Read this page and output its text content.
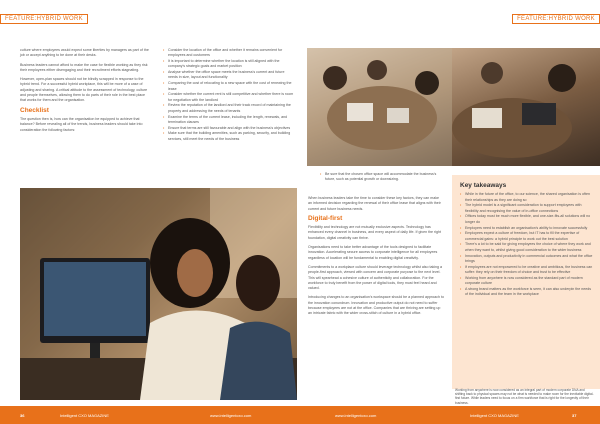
FEATURE:HYBRID WORK	FEATURE:HYBRID WORK

culture where employees would expect some liberties by managers as part of the job or accept anything to be done at their desks.

Business leaders cannot afford to make the case for flexible working as they risk their employees either disengaging and their recruitment efforts stagnating.

However, open-plan spaces should not be blindly scrapped in response to the hybrid trend. For a successful hybrid workplace, this will be more of a case of adjusting and sharing. A critical attitude to the assessment of technology, culture and people themselves, allowing them to do parts of their role in the best place that works for them and the organisation.

Checklist

The question then is, how can the organisation be equipped to achieve that balance? Before revealing all of the trends, business leaders should take into consideration the following factors:

• Consider the location of the office and whether it remains convenient for employees and customers
• It is important to determine whether the location is still aligned with the company's strategic goals and market position
• Analyse whether the office space meets the business's current and future needs in size, layout and functionality
• Comparing the cost of relocating to a new space with the cost of renewing the lease
• Consider whether the current rent is still competitive and whether there is room for negotiation with the landlord
• Review the reputation of the landlord and their track record of maintaining the property and addressing the needs of tenants
• Examine the terms of the current lease, including the length, renewals, and termination clauses
• Ensure that terms are still favourable and align with the business's objectives
• Make sure that the building amenities, such as parking, security, and building services, still meet the needs of the business
• Be sure that the chosen office space will accommodate the business's future, such as potential growth or downsizing.

When business leaders take the time to consider these key factors, they can make an informed decision regarding the renewal of their office lease that aligns with their current and future business needs.

Digital-first

Flexibility and technology are not mutually exclusive aspects. Technology has enhanced every channel in business, and every aspect of daily life. If given the right foundation, digital creativity can thrive.

Organisations need to take better advantage of the tools designed to facilitate innovation. Accelerating secure access to corporate intelligence for all employees regardless of location will be fundamental to enabling digital creativity.

Commitments to a workplace culture should leverage technology whilst also taking a people-first approach, viewed with concern and corporate purpose to the next level. This will spearhead a cohesive culture of authenticity and collaboration. For the workforce to truly benefit from the power of digital tools, they must feel heard and valued.

Introducing changes to an organisation's workspace should be a planned approach to the innovation conundrum. Innovation and productive output do not need to suffer because employees are not at the office. Companies that are thriving are setting up an intricate fabric with the wider cross-stitch of culture in a hybrid office.

Key takeaways
• While in the future of the office, to our science, the shared organisation is often their relationships as they are doing so
• The hybrid model is a significant consideration to support employees with flexibility and recognising the value of in-office connections
• Offices today must be much more flexible, and one-size-fits-all solutions will no longer do
• Employers need to establish an organisation's ability to innovate successfully
• Employees expect a culture of freedom, but IT has to fill the expertise of commercial gains: a hybrid principle to work out the best solution
• There's a lot to be said for giving employees the choice of where they work and when they want to, whilst giving good consideration to the wider business
• Innovation, outputs and productivity in commercial outcomes and what the office brings
• If employees are not empowered to be creative and ambitious, the business can suffer: they rely on their freedom of choice and trust to be effective
• Working from anywhere is now considered as the standard part of modern corporate culture
• A strong brand matters as the workforce is seen, it can also underpin the needs of the individual and the team in the workplace

Working from anywhere is now considered as an integral part of modern corporate DNA and shifting back to physical spaces may not be what is needed to make room for the inevitable digital-first future. While leaders need to focus on a firm workforce that is right for the longevity of their business.

36	Intelligent CXO MAGAZINE	www.intelligentcxo.com	www.intelligentcxo.com	Intelligent CXO MAGAZINE	37
